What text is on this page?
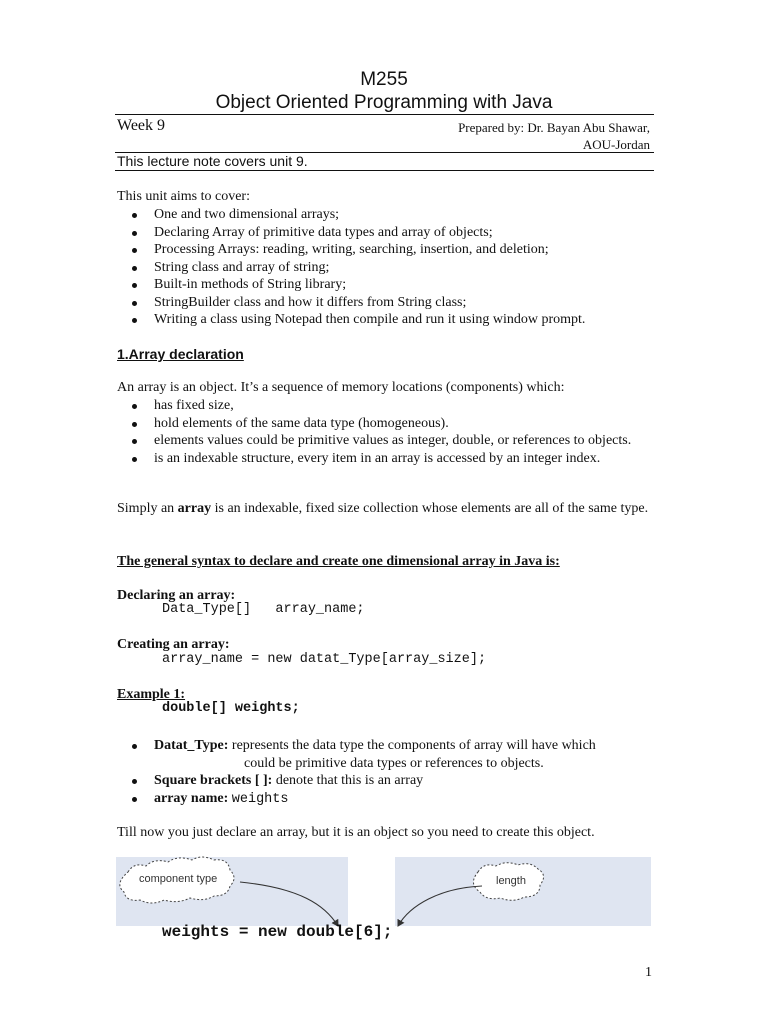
M255
Object Oriented Programming with Java
Week 9	Prepared by: Dr. Bayan Abu Shawar,
AOU-Jordan
This lecture note covers unit 9.
This unit aims to cover:
One and two dimensional arrays;
Declaring Array of primitive data types and array of objects;
Processing Arrays: reading, writing, searching, insertion, and deletion;
String class and array of string;
Built-in methods of String library;
StringBuilder class and how it differs from String class;
Writing a class using Notepad then compile and run it using window prompt.
1.Array declaration
An array is an object. It’s a sequence of memory locations (components) which:
has fixed size,
hold elements of the same data type (homogeneous).
elements values could be primitive values as integer, double, or references to objects.
is an indexable structure, every item in an array is accessed by an integer index.
Simply an array is an indexable, fixed size collection whose elements are all of the same type.
The general syntax to declare and create one dimensional array in Java is:
Declaring an array:
Data_Type[]   array_name;
Creating an array:
array_name = new datat_Type[array_size];
Example 1:
double[] weights;
Datat_Type: represents the data type the components of array will have which
could be primitive data types or references to objects.
Square brackets [ ]: denote that this is an array
array name: weights
Till now you just declare an array, but it is an object so you need to create this object.
component type	length
weights = new double[6];
1
